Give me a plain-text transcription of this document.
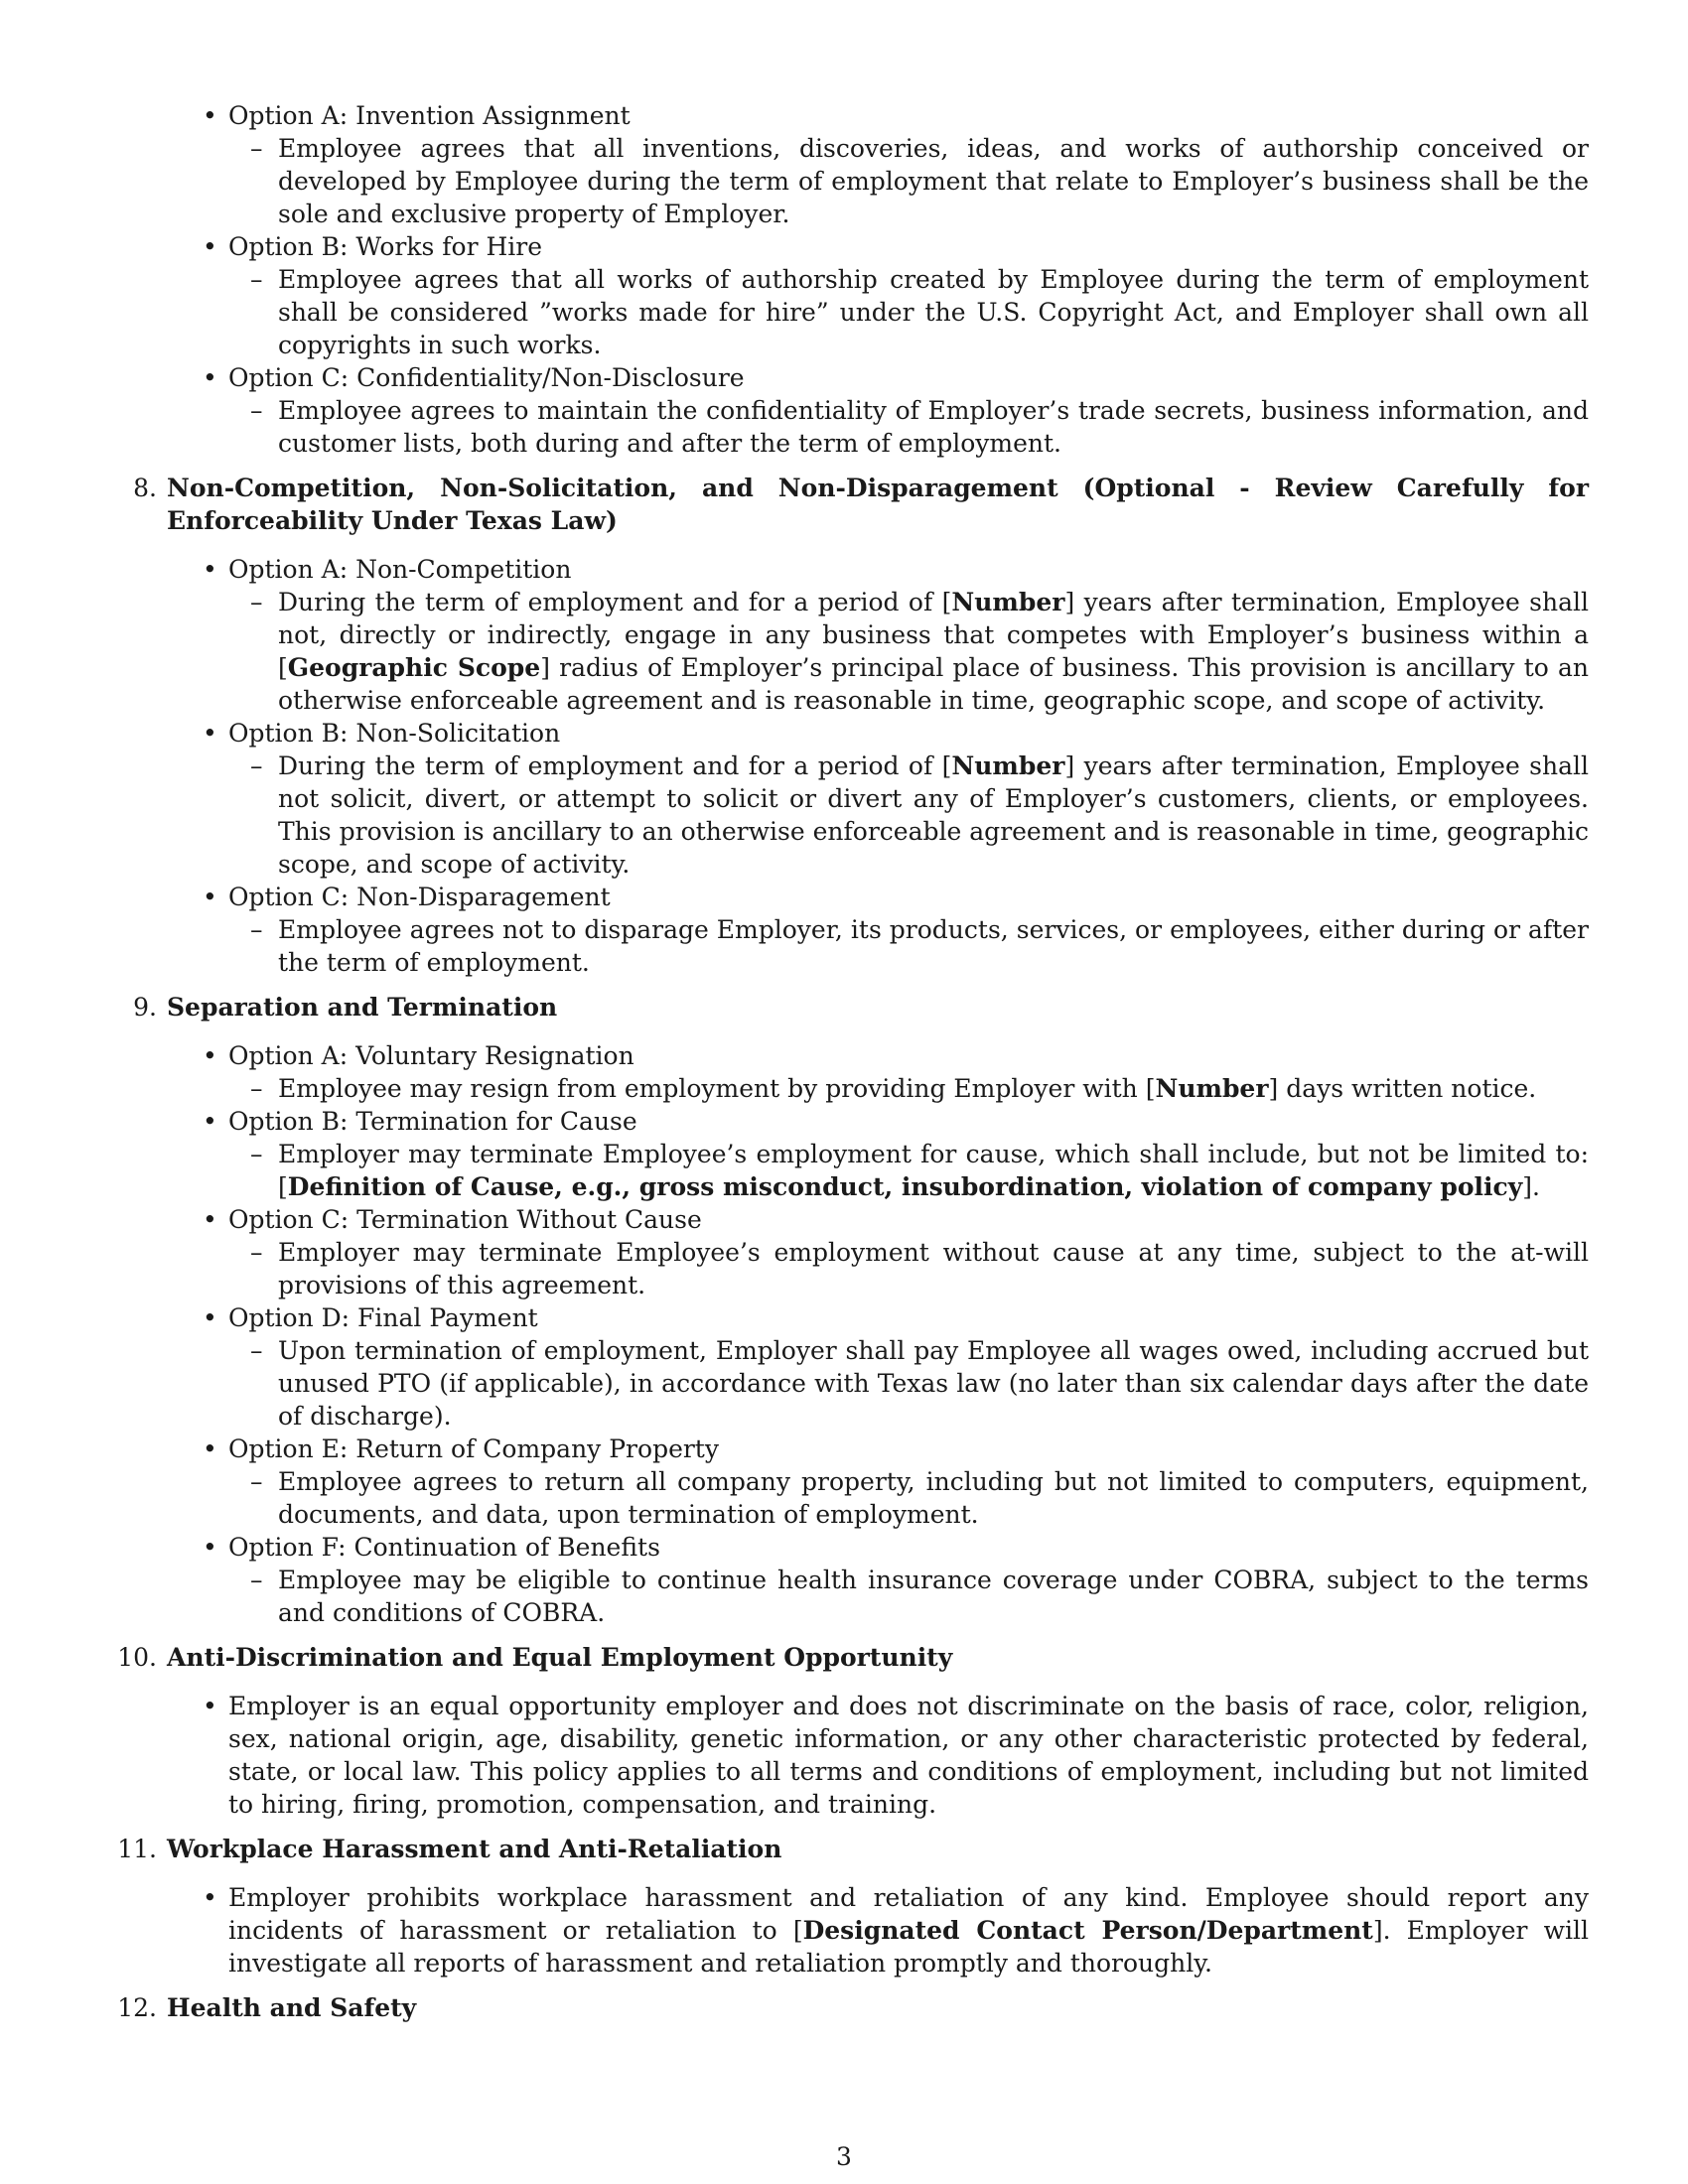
• Option A: Invention Assignment
– Employee agrees that all inventions, discoveries, ideas, and works of authorship conceived or developed by Employee during the term of employment that relate to Employer’s business shall be the sole and exclusive property of Employer.
• Option B: Works for Hire
– Employee agrees that all works of authorship created by Employee during the term of employment shall be considered ”works made for hire” under the U.S. Copyright Act, and Employer shall own all copyrights in such works.
• Option C: Confidentiality/Non-Disclosure
– Employee agrees to maintain the confidentiality of Employer’s trade secrets, business information, and customer lists, both during and after the term of employment.
8. Non-Competition, Non-Solicitation, and Non-Disparagement (Optional - Review Carefully for Enforceability Under Texas Law)
• Option A: Non-Competition
– During the term of employment and for a period of [Number] years after termination, Employee shall not, directly or indirectly, engage in any business that competes with Employer’s business within a [Geographic Scope] radius of Employer’s principal place of business. This provision is ancillary to an otherwise enforceable agreement and is reasonable in time, geographic scope, and scope of activity.
• Option B: Non-Solicitation
– During the term of employment and for a period of [Number] years after termination, Employee shall not solicit, divert, or attempt to solicit or divert any of Employer’s customers, clients, or employees. This provision is ancillary to an otherwise enforceable agreement and is reasonable in time, geographic scope, and scope of activity.
• Option C: Non-Disparagement
– Employee agrees not to disparage Employer, its products, services, or employees, either during or after the term of employment.
9. Separation and Termination
• Option A: Voluntary Resignation
– Employee may resign from employment by providing Employer with [Number] days written notice.
• Option B: Termination for Cause
– Employer may terminate Employee’s employment for cause, which shall include, but not be limited to: [Definition of Cause, e.g., gross misconduct, insubordination, violation of company policy].
• Option C: Termination Without Cause
– Employer may terminate Employee’s employment without cause at any time, subject to the at-will provisions of this agreement.
• Option D: Final Payment
– Upon termination of employment, Employer shall pay Employee all wages owed, including accrued but unused PTO (if applicable), in accordance with Texas law (no later than six calendar days after the date of discharge).
• Option E: Return of Company Property
– Employee agrees to return all company property, including but not limited to computers, equipment, documents, and data, upon termination of employment.
• Option F: Continuation of Benefits
– Employee may be eligible to continue health insurance coverage under COBRA, subject to the terms and conditions of COBRA.
10. Anti-Discrimination and Equal Employment Opportunity
• Employer is an equal opportunity employer and does not discriminate on the basis of race, color, religion, sex, national origin, age, disability, genetic information, or any other characteristic protected by federal, state, or local law. This policy applies to all terms and conditions of employment, including but not limited to hiring, firing, promotion, compensation, and training.
11. Workplace Harassment and Anti-Retaliation
• Employer prohibits workplace harassment and retaliation of any kind. Employee should report any incidents of harassment or retaliation to [Designated Contact Person/Department]. Employer will investigate all reports of harassment and retaliation promptly and thoroughly.
12. Health and Safety
3
